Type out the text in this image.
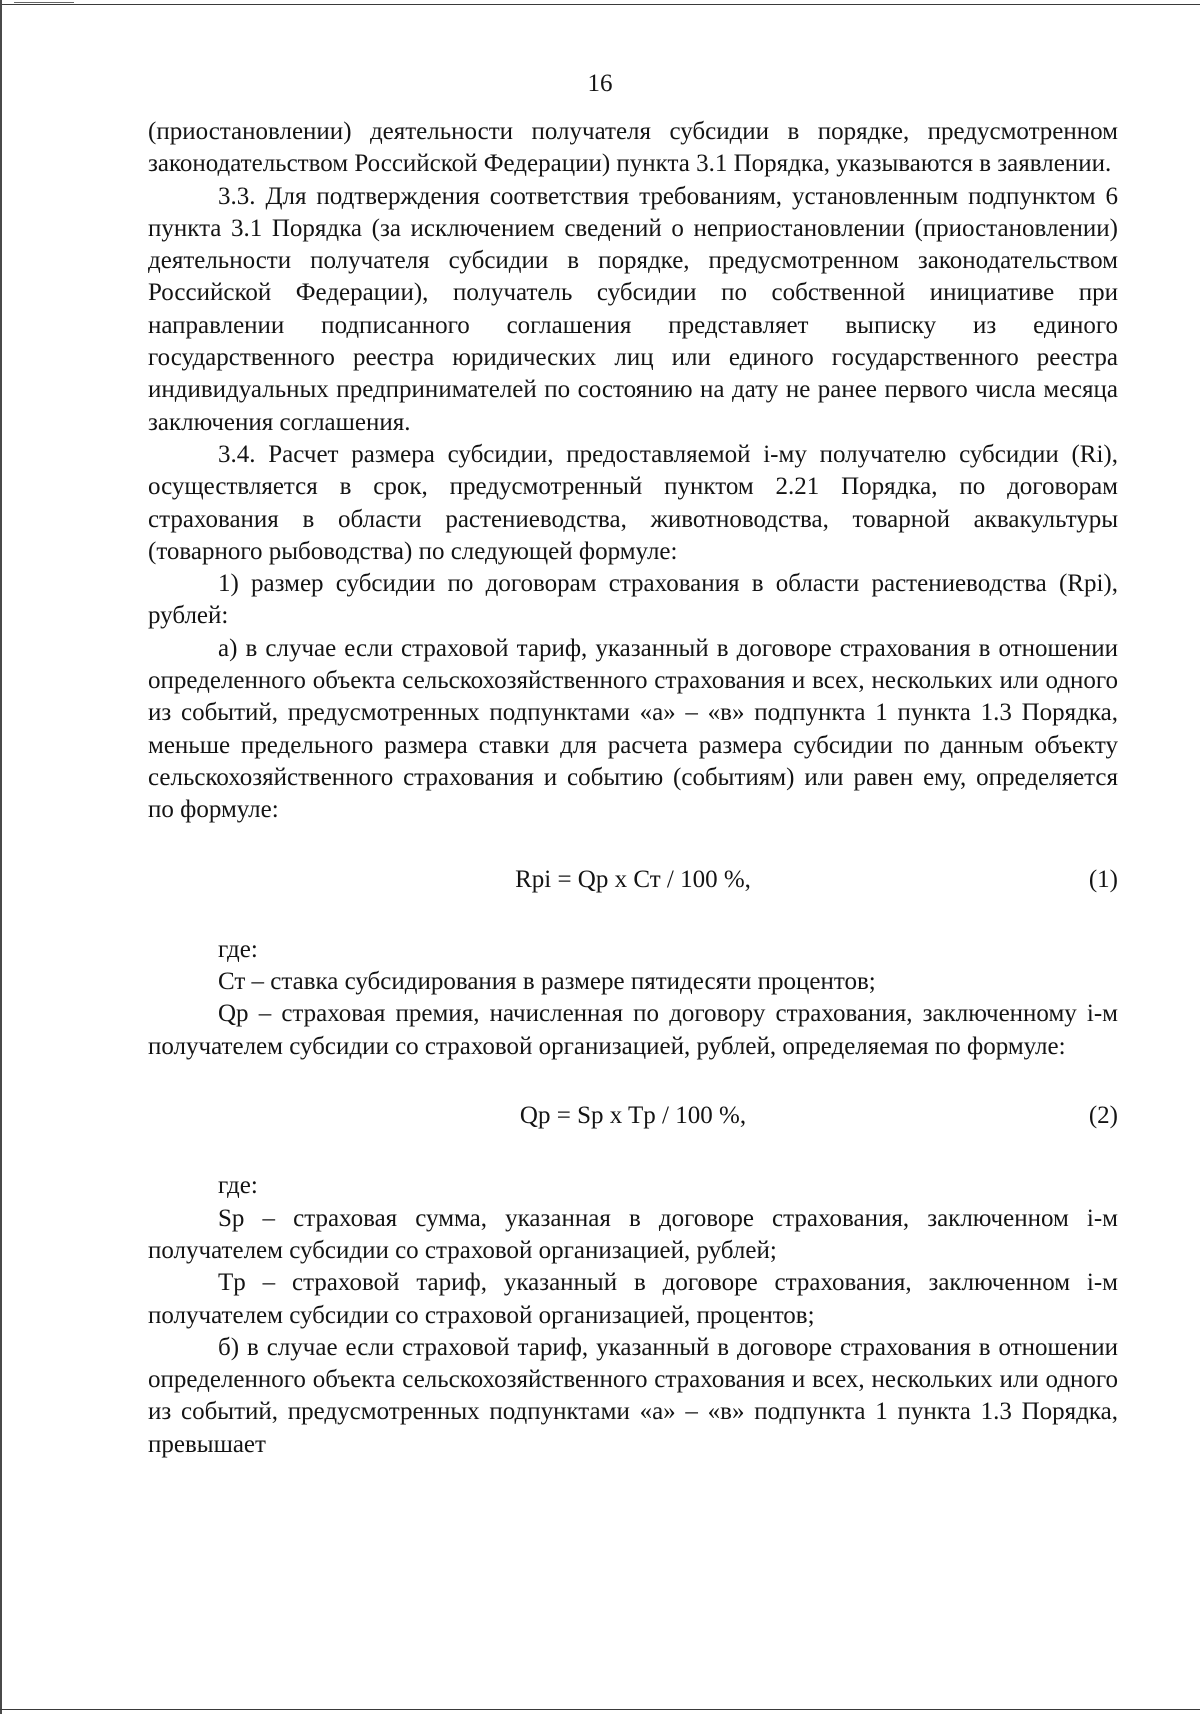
16

(приостановлении) деятельности получателя субсидии в порядке, предусмотренном законодательством Российской Федерации) пункта 3.1 Порядка, указываются в заявлении.

3.3. Для подтверждения соответствия требованиям, установленным подпунктом 6 пункта 3.1 Порядка (за исключением сведений о неприостановлении (приостановлении) деятельности получателя субсидии в порядке, предусмотренном законодательством Российской Федерации), получатель субсидии по собственной инициативе при направлении подписанного соглашения представляет выписку из единого государственного реестра юридических лиц или единого государственного реестра индивидуальных предпринимателей по состоянию на дату не ранее первого числа месяца заключения соглашения.

3.4. Расчет размера субсидии, предоставляемой i-му получателю субсидии (Ri), осуществляется в срок, предусмотренный пунктом 2.21 Порядка, по договорам страхования в области растениеводства, животноводства, товарной аквакультуры (товарного рыбоводства) по следующей формуле:

1) размер субсидии по договорам страхования в области растениеводства (Rpi), рублей:

а) в случае если страховой тариф, указанный в договоре страхования в отношении определенного объекта сельскохозяйственного страхования и всех, нескольких или одного из событий, предусмотренных подпунктами «а» – «в» подпункта 1 пункта 1.3 Порядка, меньше предельного размера ставки для расчета размера субсидии по данным объекту сельскохозяйственного страхования и событию (событиям) или равен ему, определяется по формуле:

Rpi = Qp x Ст / 100 %,	(1)

где:

Ст – ставка субсидирования в размере пятидесяти процентов;

Qp – страховая премия, начисленная по договору страхования, заключенному i-м получателем субсидии со страховой организацией, рублей, определяемая по формуле:

Qp = Sp x Tp / 100 %,	(2)

где:

Sp – страховая сумма, указанная в договоре страхования, заключенном i-м получателем субсидии со страховой организацией, рублей;

Tp – страховой тариф, указанный в договоре страхования, заключенном i-м получателем субсидии со страховой организацией, процентов;

б) в случае если страховой тариф, указанный в договоре страхования в отношении определенного объекта сельскохозяйственного страхования и всех, нескольких или одного из событий, предусмотренных подпунктами «а» – «в» подпункта 1 пункта 1.3 Порядка, превышает
